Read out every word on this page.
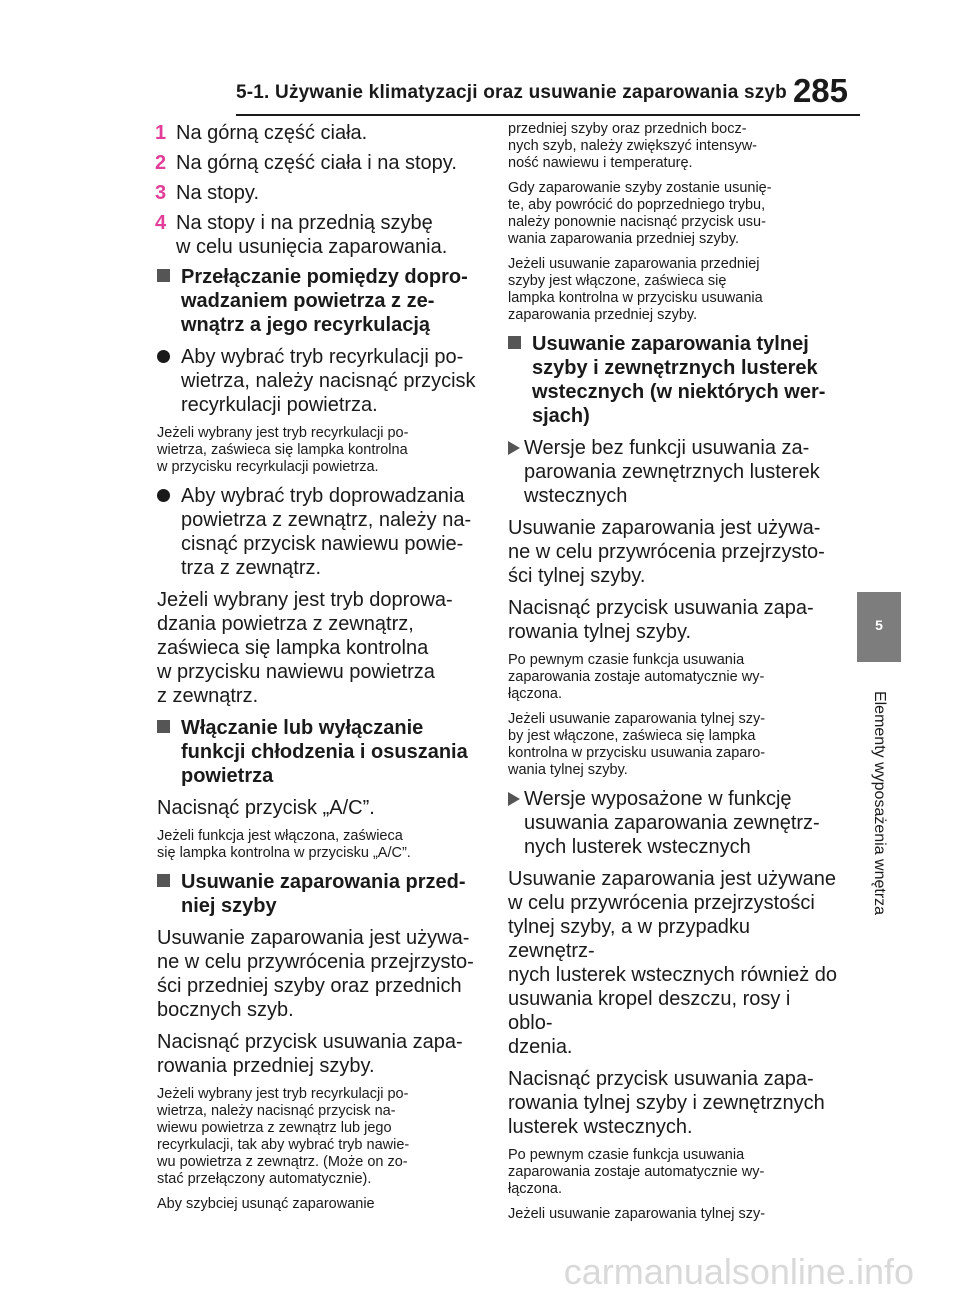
5-1. Używanie klimatyzacji oraz usuwanie zaparowania szyb 285
5
Elementy wyposażenia wnętrza
1 Na górną część ciała.
2 Na górną część ciała i na stopy.
3 Na stopy.
4 Na stopy i na przednią szybę
w celu usunięcia zaparowania.
Przełączanie pomiędzy dopro-
wadzaniem powietrza z ze-
wnątrz a jego recyrkulacją
Aby wybrać tryb recyrkulacji po-
wietrza, należy nacisnąć przycisk
recyrkulacji powietrza.
Jeżeli wybrany jest tryb recyrkulacji po-
wietrza, zaświeca się lampka kontrolna
w przycisku recyrkulacji powietrza.
Aby wybrać tryb doprowadzania
powietrza z zewnątrz, należy na-
cisnąć przycisk nawiewu powie-
trza z zewnątrz.
Jeżeli wybrany jest tryb doprowa-
dzania powietrza z zewnątrz,
zaświeca się lampka kontrolna
w przycisku nawiewu powietrza
z zewnątrz.
Włączanie lub wyłączanie
funkcji chłodzenia i osuszania
powietrza
Nacisnąć przycisk „A/C”.
Jeżeli funkcja jest włączona, zaświeca
się lampka kontrolna w przycisku „A/C”.
Usuwanie zaparowania przed-
niej szyby
Usuwanie zaparowania jest używa-
ne w celu przywrócenia przejrzysto-
ści przedniej szyby oraz przednich
bocznych szyb.
Nacisnąć przycisk usuwania zapa-
rowania przedniej szyby.
Jeżeli wybrany jest tryb recyrkulacji po-
wietrza, należy nacisnąć przycisk na-
wiewu powietrza z zewnątrz lub jego
recyrkulacji, tak aby wybrać tryb nawie-
wu powietrza z zewnątrz. (Może on zo-
stać przełączony automatycznie).
Aby szybciej usunąć zaparowanie
przedniej szyby oraz przednich bocz-
nych szyb, należy zwiększyć intensyw-
ność nawiewu i temperaturę.
Gdy zaparowanie szyby zostanie usunię-
te, aby powrócić do poprzedniego trybu,
należy ponownie nacisnąć przycisk usu-
wania zaparowania przedniej szyby.
Jeżeli usuwanie zaparowania przedniej
szyby jest włączone, zaświeca się
lampka kontrolna w przycisku usuwania
zaparowania przedniej szyby.
Usuwanie zaparowania tylnej
szyby i zewnętrznych lusterek
wstecznych (w niektórych wer-
sjach)
Wersje bez funkcji usuwania za-
parowania zewnętrznych lusterek
wstecznych
Usuwanie zaparowania jest używa-
ne w celu przywrócenia przejrzysto-
ści tylnej szyby.
Nacisnąć przycisk usuwania zapa-
rowania tylnej szyby.
Po pewnym czasie funkcja usuwania
zaparowania zostaje automatycznie wy-
łączona.
Jeżeli usuwanie zaparowania tylnej szy-
by jest włączone, zaświeca się lampka
kontrolna w przycisku usuwania zaparo-
wania tylnej szyby.
Wersje wyposażone w funkcję
usuwania zaparowania zewnętrz-
nych lusterek wstecznych
Usuwanie zaparowania jest używane
w celu przywrócenia przejrzystości
tylnej szyby, a w przypadku zewnętrz-
nych lusterek wstecznych również do
usuwania kropel deszczu, rosy i oblo-
dzenia.
Nacisnąć przycisk usuwania zapa-
rowania tylnej szyby i zewnętrznych
lusterek wstecznych.
Po pewnym czasie funkcja usuwania
zaparowania zostaje automatycznie wy-
łączona.
Jeżeli usuwanie zaparowania tylnej szy-
carmanualsonline.info
